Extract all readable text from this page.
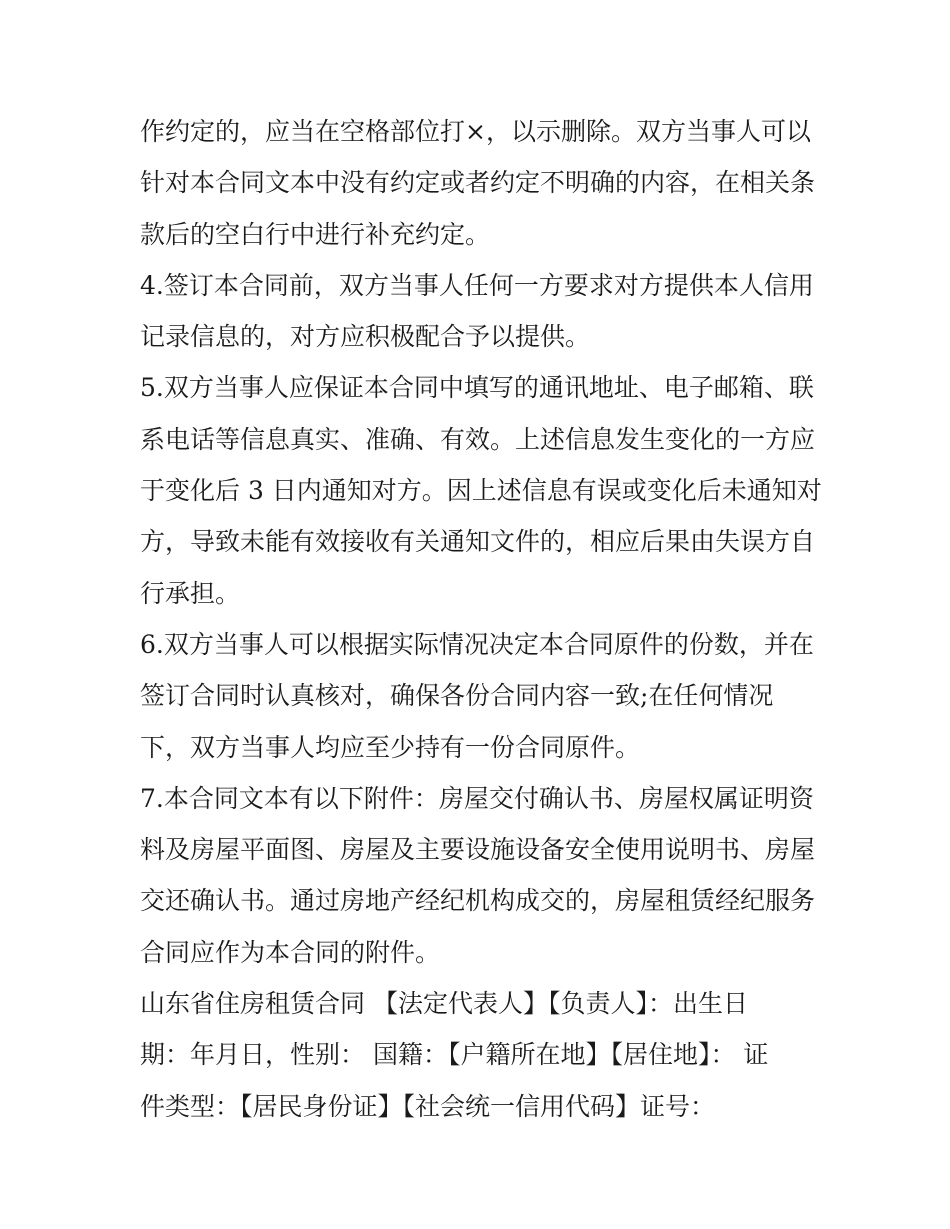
作约定的，应当在空格部位打×，以示删除。双方当事人可以
针对本合同文本中没有约定或者约定不明确的内容，在相关条
款后的空白行中进行补充约定。
4.签订本合同前，双方当事人任何一方要求对方提供本人信用
记录信息的，对方应积极配合予以提供。
5.双方当事人应保证本合同中填写的通讯地址、电子邮箱、联
系电话等信息真实、准确、有效。上述信息发生变化的一方应
于变化后 3 日内通知对方。因上述信息有误或变化后未通知对
方，导致未能有效接收有关通知文件的，相应后果由失误方自
行承担。
6.双方当事人可以根据实际情况决定本合同原件的份数，并在
签订合同时认真核对，确保各份合同内容一致;在任何情况
下，双方当事人均应至少持有一份合同原件。
7.本合同文本有以下附件：房屋交付确认书、房屋权属证明资
料及房屋平面图、房屋及主要设施设备安全使用说明书、房屋
交还确认书。通过房地产经纪机构成交的，房屋租赁经纪服务
合同应作为本合同的附件。
山东省住房租赁合同 【法定代表人】【负责人】：出生日
期：年月日，性别： 国籍：【户籍所在地】【居住地】： 证
件类型：【居民身份证】【社会统一信用代码】证号：
